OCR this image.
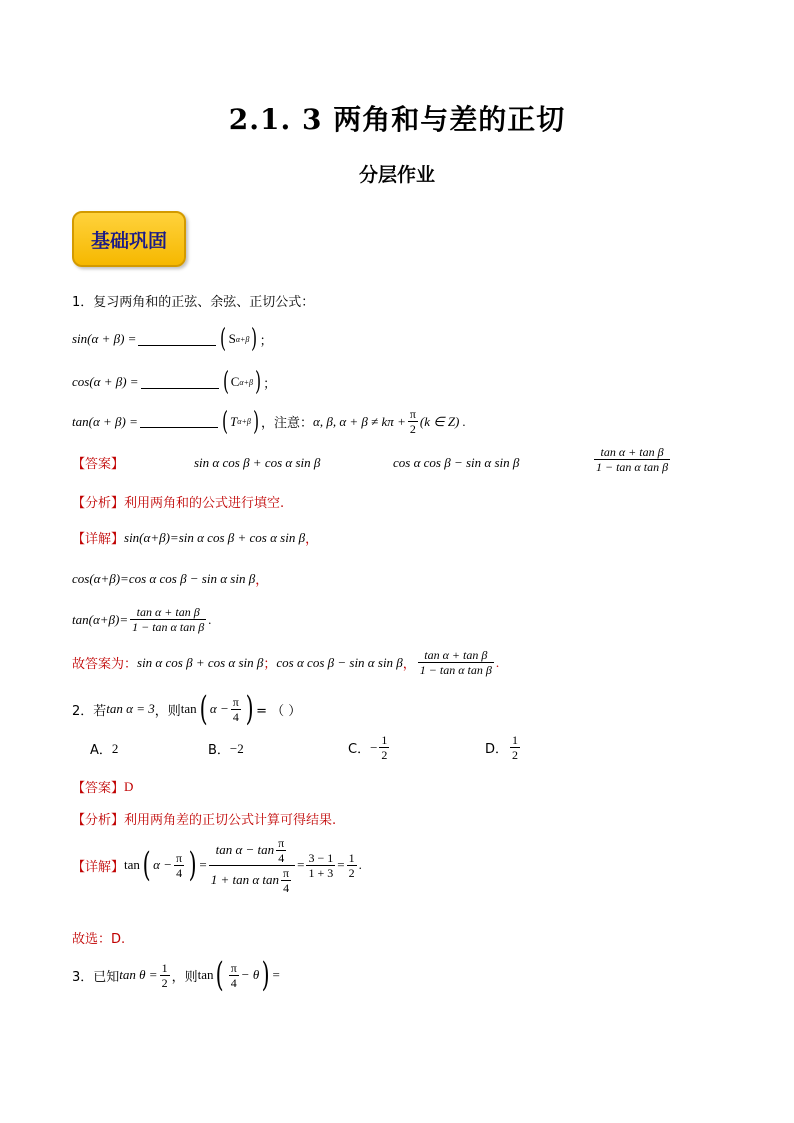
2.1. 3 两角和与差的正切
分层作业
基础巩固
1．复习两角和的正弦、余弦、正切公式：
sin(α + β) =	( S α+β ) ；
cos(α + β) =	( C α+β ) ；
tan(α + β) =	( T α+β ) ，注意： α, β, $\alpha + \beta \ne k\pi + \frac{\pi}{2} (k$ ∈ Z) .
【答案】	sin α cos β + cos α sin β	cos α cos β − sin α sin β	$\frac{\text{tan α + tan β}}{\text{1 − tan α tan β}}$
【分析】 利用两角和的公式进行填空.
【详解】 sin(α+β)=sin α cos β + cos α sin β ，
cos(α+β)=cos α cos β − sin α sin β ，
$\tan(\alpha+\beta)= \frac{\text{tan α + tan β}}{\text{1 − tan α tan β}}$ .
故答案为： sin α cos β + cos α sin β ； cos α cos β − sin α sin β ， $\frac{\text{tan α + tan β}}{\text{1 − tan α tan β}}$ .
2．若 tan α = 3 ，则 tan ( $\alpha - \frac{\pi}{4}$ ) = （ ）
A． 2	B． −2	C． − $\frac{1}{2}$	D． $\frac{1}{2}$
【答案】 D
【分析】 利用两角差的正切公式计算可得结果.
【详解】 tan ( $\alpha - \frac{\pi}{4}$ ) = $\frac{\tan \alpha - \tan \frac{\pi}{4}}{1 + \tan \alpha \tan \frac{\pi}{4}} = \frac{3 - 1}{1 + 3} = \frac{1}{2}$ .
故选：D.
3．已知 $\tan \theta = \frac{1}{2}$ ，则 tan ( $\frac{\pi}{4} - \theta$ ) =
